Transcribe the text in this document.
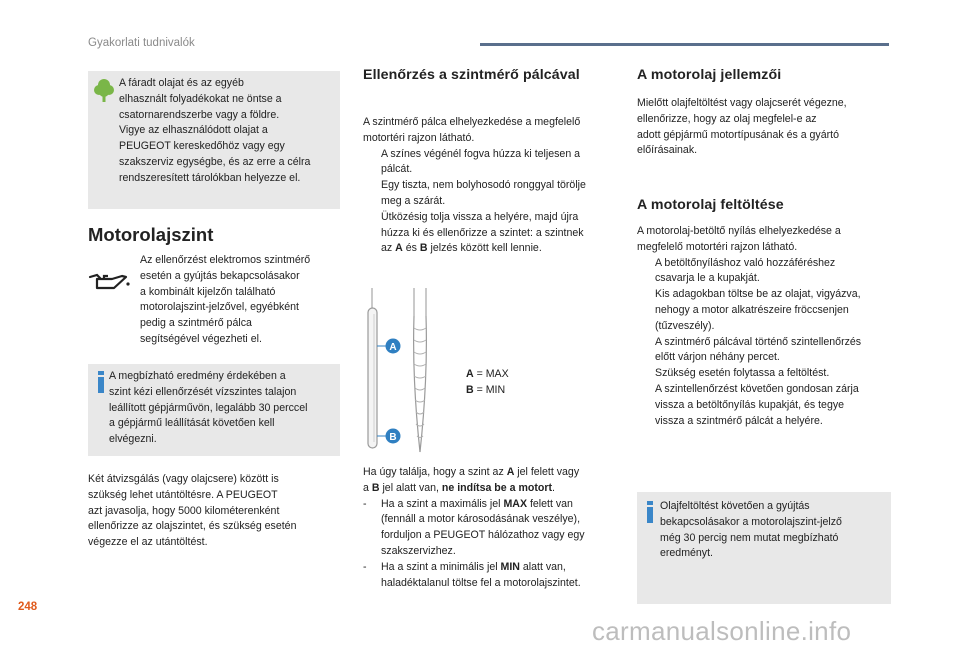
Gyakorlati tudnivalók
A fáradt olajat és az egyéb
elhasznált folyadékokat ne öntse a
csatornarendszerbe vagy a földre.
Vigye az elhasználódott olajat a
PEUGEOT kereskedőhöz vagy egy
szakszerviz egységbe, és az erre a célra
rendszeresített tárolókban helyezze el.
Motorolajszint
Az ellenőrzést elektromos szintmérő
esetén a gyújtás bekapcsolásakor
a kombinált kijelzőn található
motorolajszint-jelzővel, egyébként
pedig a szintmérő pálca
segítségével végezheti el.
A megbízható eredmény érdekében a
szint kézi ellenőrzését vízszintes talajon
leállított gépjárművön, legalább 30 perccel
a gépjármű leállítását követően kell
elvégezni.
Két átvizsgálás (vagy olajcsere) között is
szükség lehet utántöltésre. A PEUGEOT
azt javasolja, hogy 5000 kilométerenként
ellenőrizze az olajszintet, és szükség esetén
végezze el az utántöltést.
Ellenőrzés a szintmérő pálcával
A szintmérő pálca elhelyezkedése a megfelelő
motortéri rajzon látható.
A színes végénél fogva húzza ki teljesen a
pálcát.
Egy tiszta, nem bolyhosodó ronggyal törölje
meg a szárát.
Ütközésig tolja vissza a helyére, majd újra
húzza ki és ellenőrizze a szintet: a szintnek
az A és B jelzés között kell lennie.
A
B
A = MAX
B = MIN
Ha úgy találja, hogy a szint az A jel felett vagy
a B jel alatt van, ne indítsa be a motort.
- Ha a szint a maximális jel MAX felett van
(fennáll a motor károsodásának veszélye),
forduljon a PEUGEOT hálózathoz vagy egy
szakszervizhez.
- Ha a szint a minimális jel MIN alatt van,
haladéktalanul töltse fel a motorolajszintet.
A motorolaj jellemzői
Mielőtt olajfeltöltést vagy olajcserét végezne,
ellenőrizze, hogy az olaj megfelel-e az
adott gépjármű motortípusának és a gyártó
előírásainak.
A motorolaj feltöltése
A motorolaj-betöltő nyílás elhelyezkedése a
megfelelő motortéri rajzon látható.
A betöltőnyíláshoz való hozzáféréshez
csavarja le a kupakját.
Kis adagokban töltse be az olajat, vigyázva,
nehogy a motor alkatrészeire fröccsenjen
(tűzveszély).
A szintmérő pálcával történő szintellenőrzés
előtt várjon néhány percet.
Szükség esetén folytassa a feltöltést.
A szintellenőrzést követően gondosan zárja
vissza a betöltőnyílás kupakját, és tegye
vissza a szintmérő pálcát a helyére.
Olajfeltöltést követően a gyújtás
bekapcsolásakor a motorolajszint-jelző
még 30 percig nem mutat megbízható
eredményt.
248
carmanualsonline.info
